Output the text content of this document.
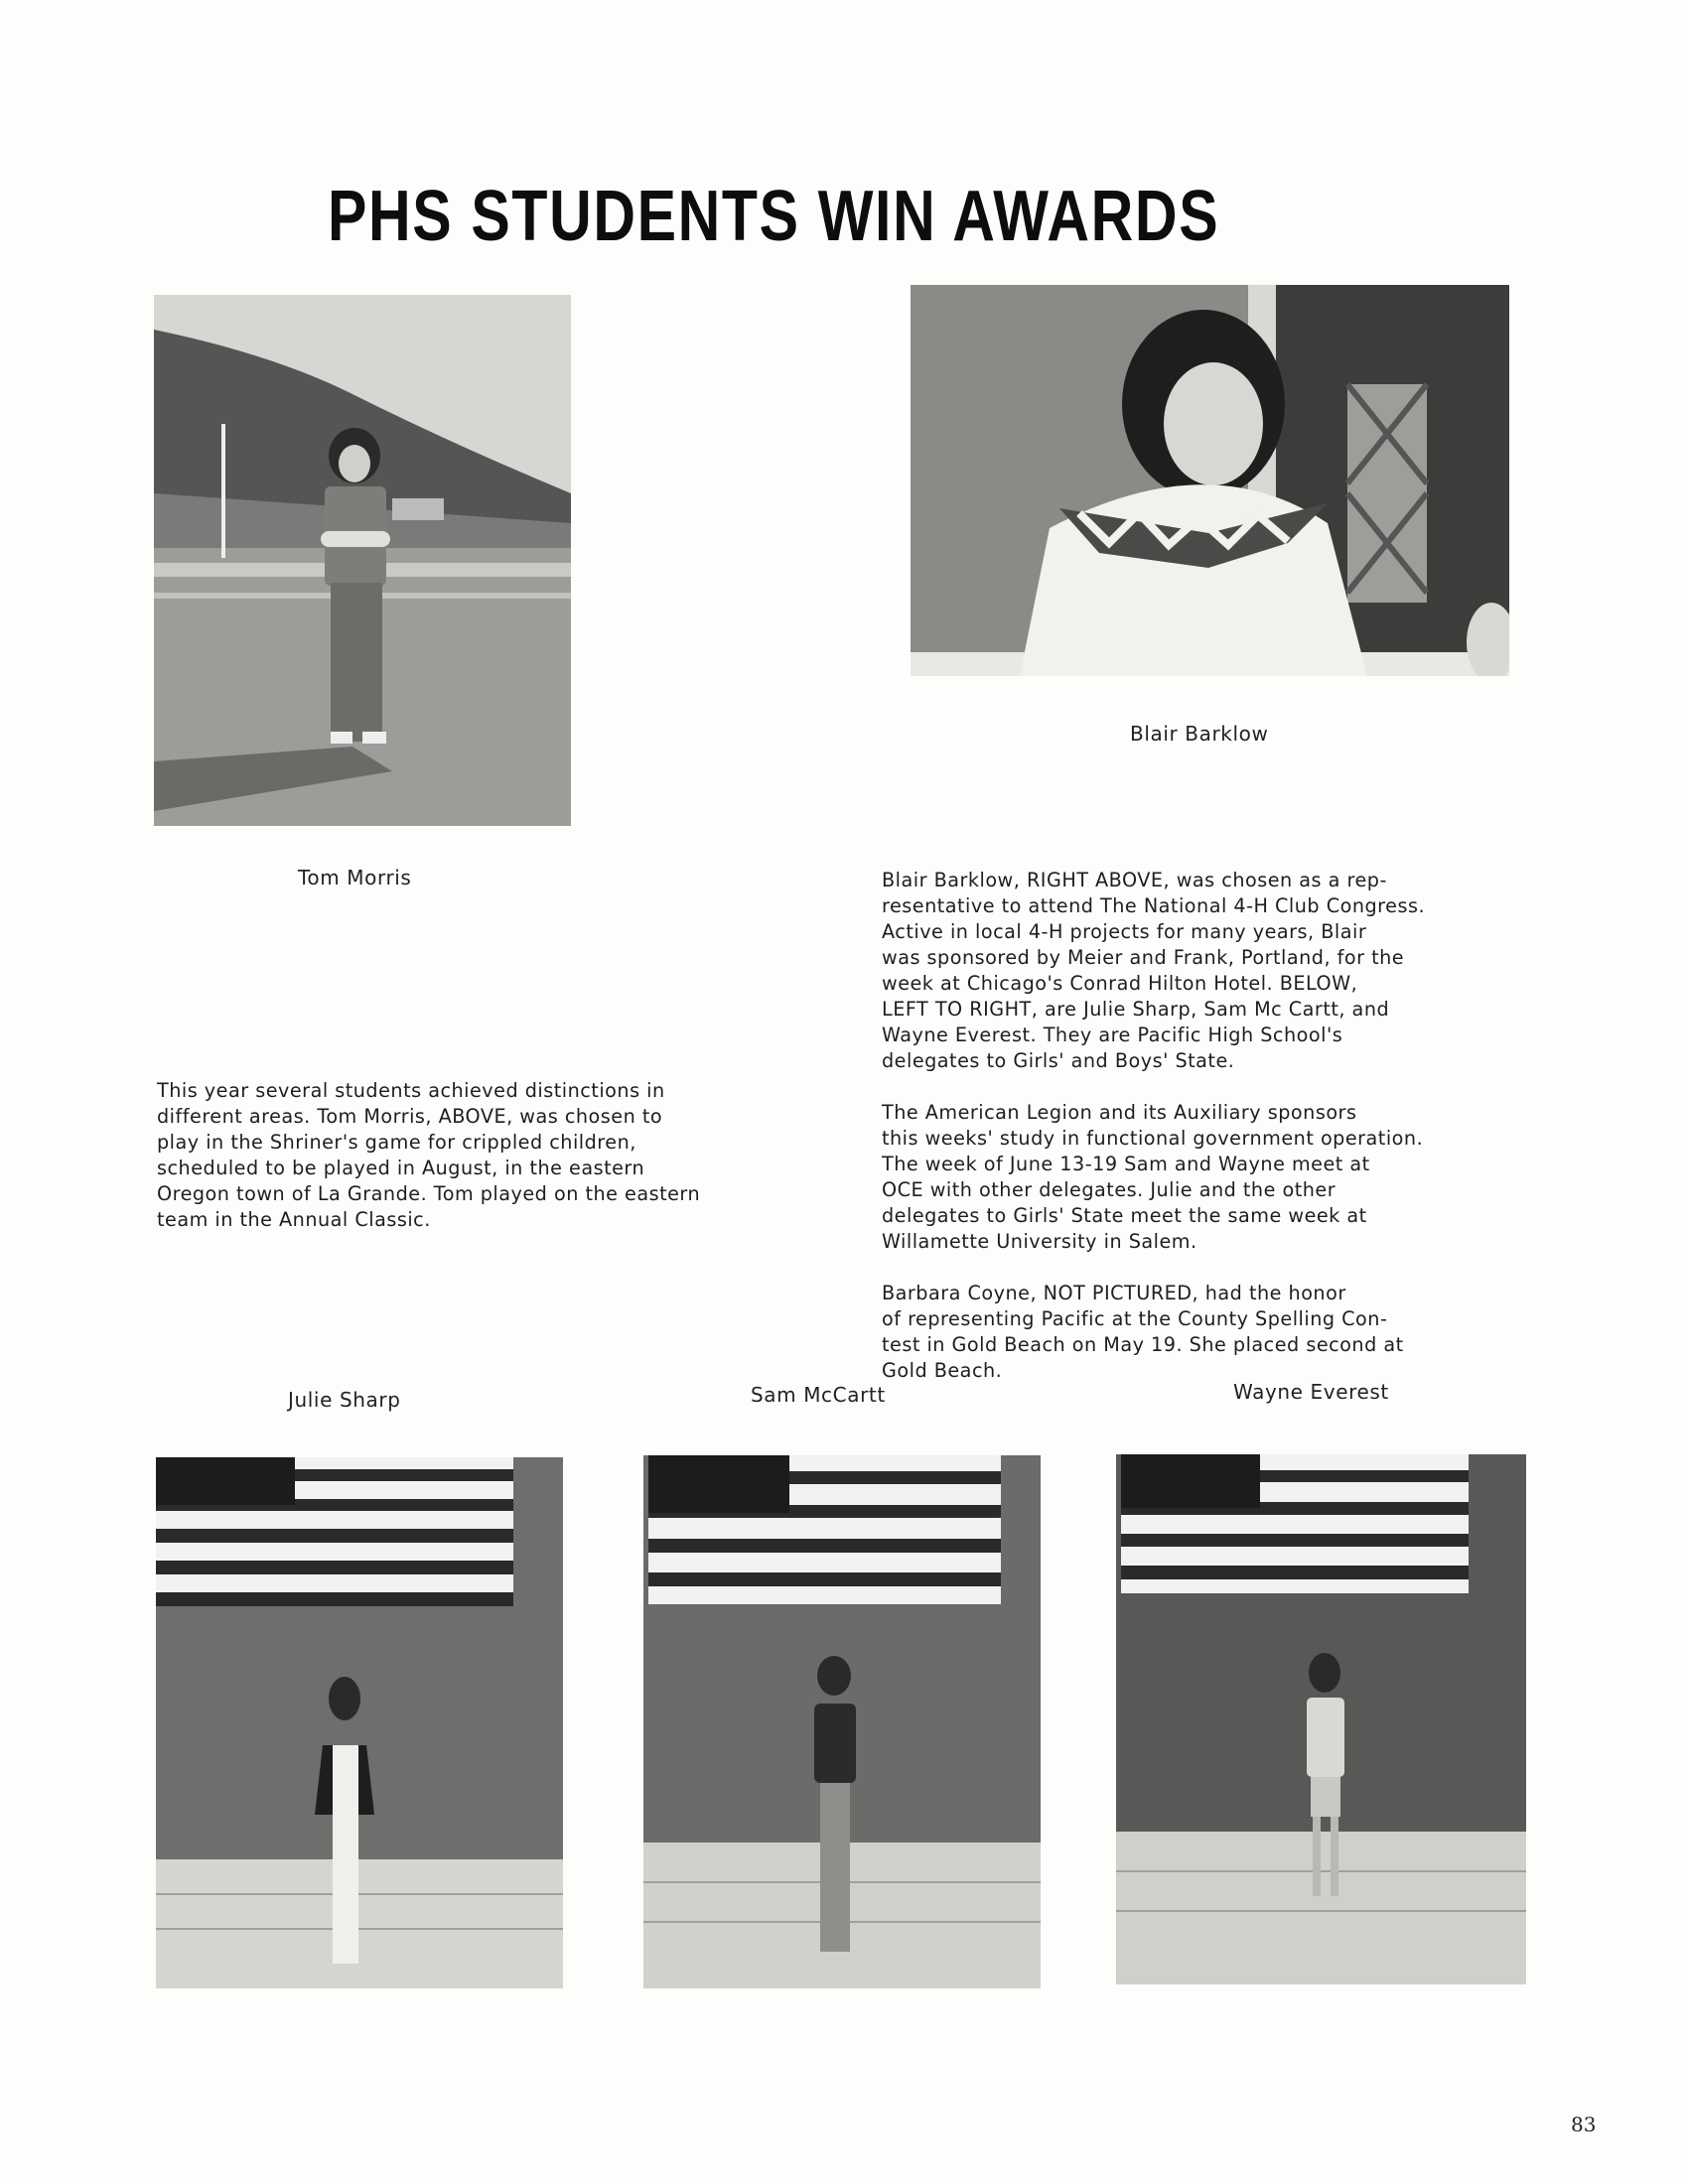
PHS STUDENTS WIN AWARDS
Tom Morris
Blair Barklow

This year several students achieved distinctions in
different areas. Tom Morris, ABOVE, was chosen to
play in the Shriner's game for crippled children,
scheduled to be played in August, in the eastern
Oregon town of La Grande. Tom played on the eastern
team in the Annual Classic.

Blair Barklow, RIGHT ABOVE, was chosen as a rep-
resentative to attend The National 4-H Club Congress.
Active in local 4-H projects for many years, Blair
was sponsored by Meier and Frank, Portland, for the
week at Chicago's Conrad Hilton Hotel. BELOW,
LEFT TO RIGHT, are Julie Sharp, Sam Mc Cartt, and
Wayne Everest. They are Pacific High School's
delegates to Girls' and Boys' State.

The American Legion and its Auxiliary sponsors
this weeks' study in functional government operation.
The week of June 13-19 Sam and Wayne meet at
OCE with other delegates. Julie and the other
delegates to Girls' State meet the same week at
Willamette University in Salem.

Barbara Coyne, NOT PICTURED, had the honor
of representing Pacific at the County Spelling Con-
test in Gold Beach on May 19. She placed second at
Gold Beach.

Julie Sharp	Sam McCartt	Wayne Everest
83
